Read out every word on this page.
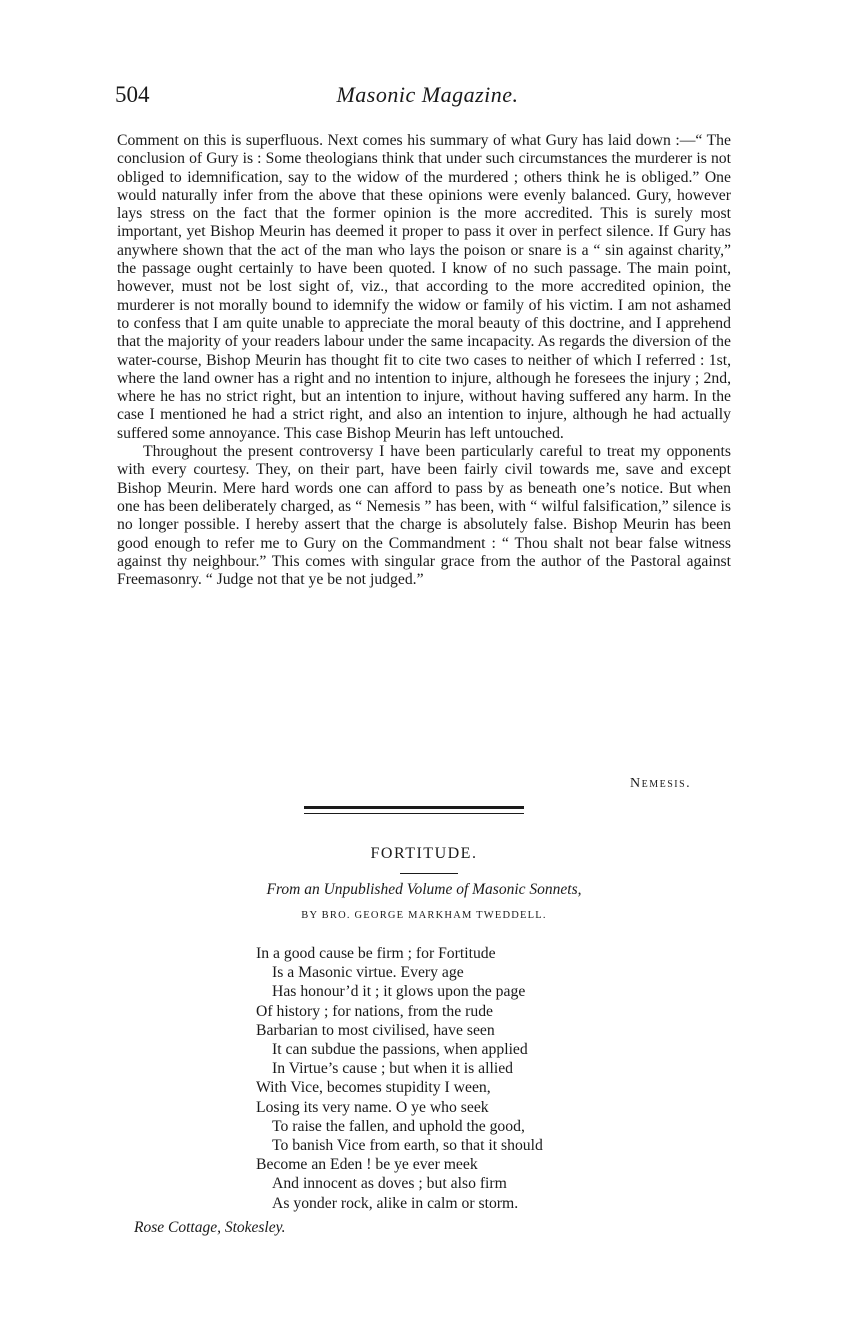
504	Masonic Magazine.

Comment on this is superfluous. Next comes his summary of what Gury has laid down :—“ The conclusion of Gury is : Some theologians think that under such circumstances the murderer is not obliged to idemnification, say to the widow of the murdered ; others think he is obliged.” One would naturally infer from the above that these opinions were evenly balanced. Gury, however lays stress on the fact that the former opinion is the more accredited. This is surely most important, yet Bishop Meurin has deemed it proper to pass it over in perfect silence. If Gury has anywhere shown that the act of the man who lays the poison or snare is a “ sin against charity,” the passage ought certainly to have been quoted. I know of no such passage. The main point, however, must not be lost sight of, viz., that according to the more accredited opinion, the murderer is not morally bound to idemnify the widow or family of his victim. I am not ashamed to confess that I am quite unable to appreciate the moral beauty of this doctrine, and I apprehend that the majority of your readers labour under the same incapacity. As regards the diversion of the water-course, Bishop Meurin has thought fit to cite two cases to neither of which I referred : 1st, where the land owner has a right and no intention to injure, although he foresees the injury ; 2nd, where he has no strict right, but an intention to injure, without having suffered any harm. In the case I mentioned he had a strict right, and also an intention to injure, although he had actually suffered some annoyance. This case Bishop Meurin has left untouched.

Throughout the present controversy I have been particularly careful to treat my opponents with every courtesy. They, on their part, have been fairly civil towards me, save and except Bishop Meurin. Mere hard words one can afford to pass by as beneath one’s notice. But when one has been deliberately charged, as “ Nemesis ” has been, with “ wilful falsification,” silence is no longer possible. I hereby assert that the charge is absolutely false. Bishop Meurin has been good enough to refer me to Gury on the Commandment : “ Thou shalt not bear false witness against thy neighbour.” This comes with singular grace from the author of the Pastoral against Freemasonry. “ Judge not that ye be not judged.”

Nemesis.
FORTITUDE.
From an Unpublished Volume of Masonic Sonnets,
BY BRO. GEORGE MARKHAM TWEDDELL.
In a good cause be firm ; for Fortitude
Is a Masonic virtue. Every age
Has honour’d it ; it glows upon the page
Of history ; for nations, from the rude
Barbarian to most civilised, have seen
It can subdue the passions, when applied
In Virtue’s cause ; but when it is allied
With Vice, becomes stupidity I ween,
Losing its very name. O ye who seek
To raise the fallen, and uphold the good,
To banish Vice from earth, so that it should
Become an Eden ! be ye ever meek
And innocent as doves ; but also firm
As yonder rock, alike in calm or storm.
Rose Cottage, Stokesley.
